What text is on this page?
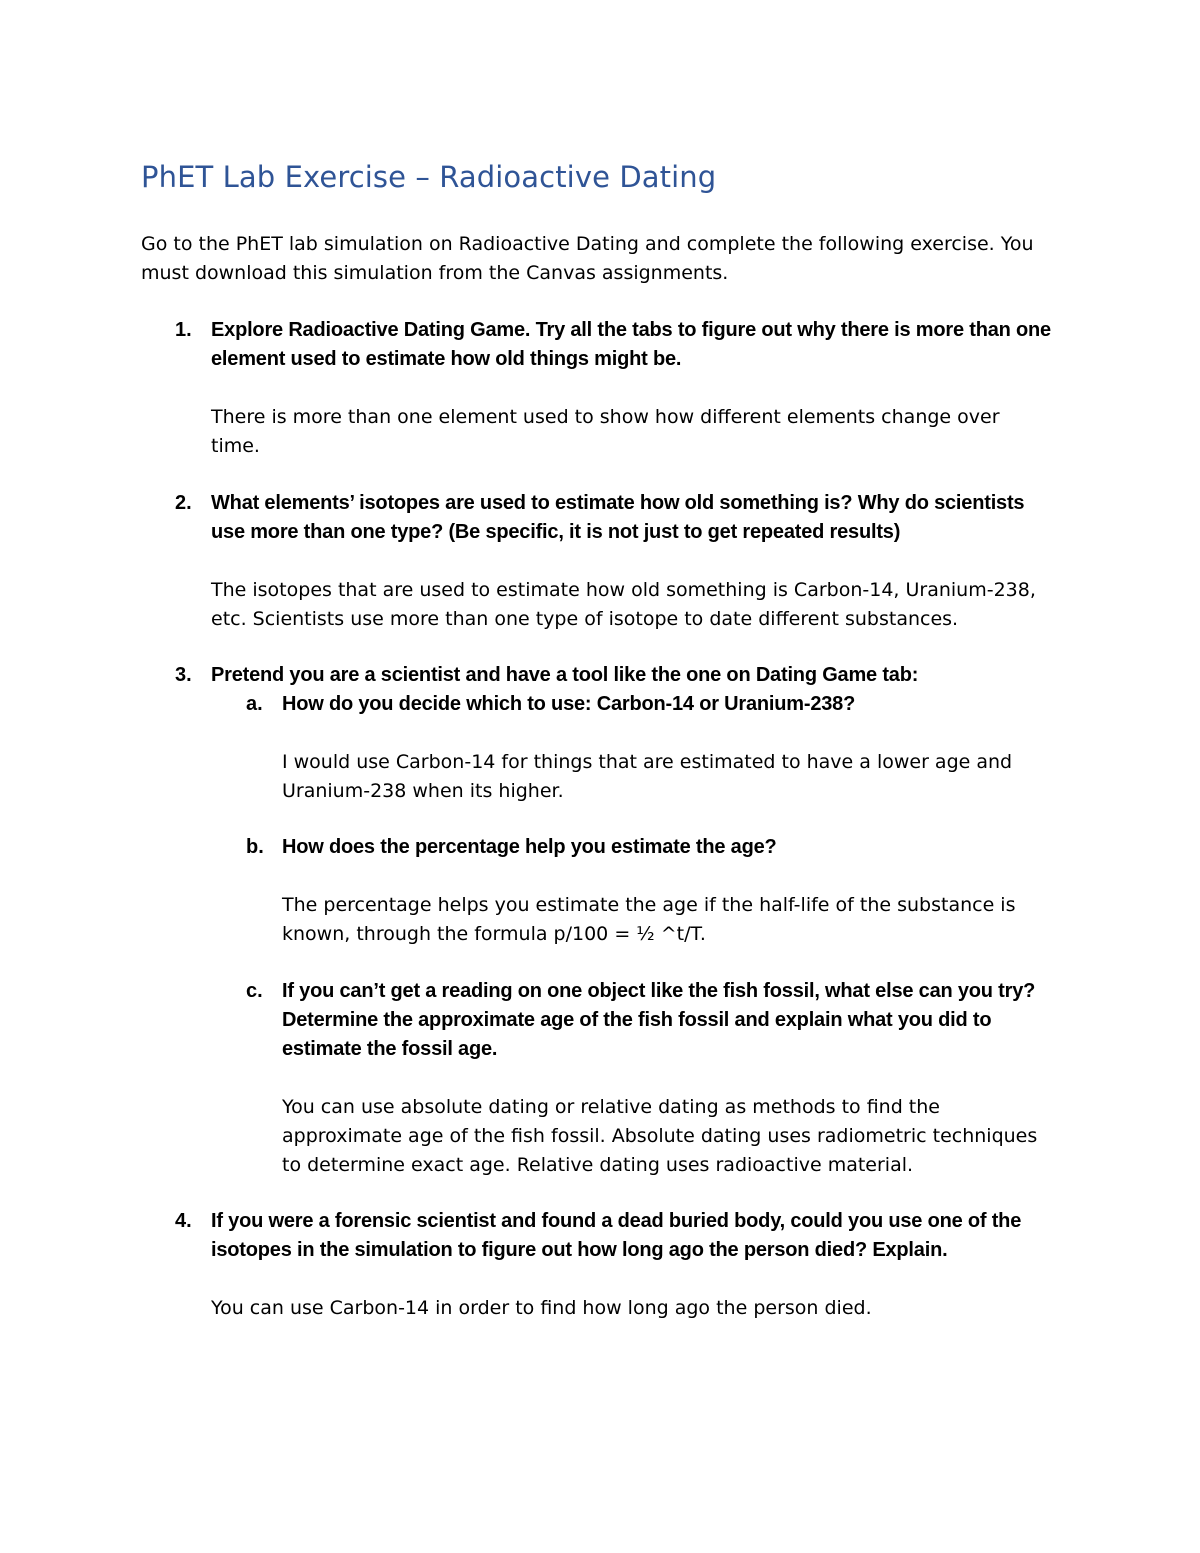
PhET Lab Exercise – Radioactive Dating

Go to the PhET lab simulation on Radioactive Dating and complete the following exercise. You must download this simulation from the Canvas assignments.

1. Explore Radioactive Dating Game. Try all the tabs to figure out why there is more than one element used to estimate how old things might be.

There is more than one element used to show how different elements change over time.

2. What elements’ isotopes are used to estimate how old something is? Why do scientists use more than one type? (Be specific, it is not just to get repeated results)

The isotopes that are used to estimate how old something is Carbon-14, Uranium-238, etc. Scientists use more than one type of isotope to date different substances.

3. Pretend you are a scientist and have a tool like the one on Dating Game tab:

a. How do you decide which to use: Carbon-14 or Uranium-238?

I would use Carbon-14 for things that are estimated to have a lower age and Uranium-238 when its higher.

b. How does the percentage help you estimate the age?

The percentage helps you estimate the age if the half-life of the substance is known, through the formula p/100 = ½ ^t/T.

c. If you can’t get a reading on one object like the fish fossil, what else can you try? Determine the approximate age of the fish fossil and explain what you did to estimate the fossil age.

You can use absolute dating or relative dating as methods to find the approximate age of the fish fossil. Absolute dating uses radiometric techniques to determine exact age. Relative dating uses radioactive material.

4. If you were a forensic scientist and found a dead buried body, could you use one of the isotopes in the simulation to figure out how long ago the person died? Explain.

You can use Carbon-14 in order to find how long ago the person died.
